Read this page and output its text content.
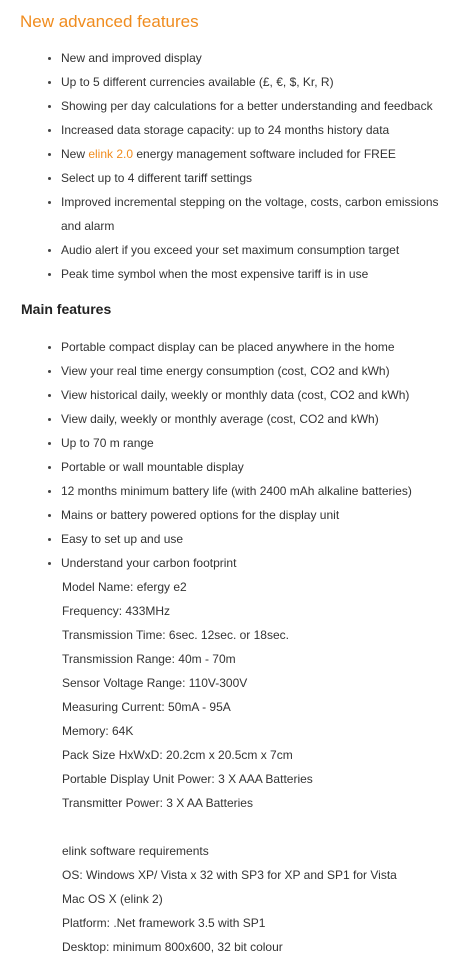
New advanced features
New and improved display
Up to 5 different currencies available (£, €, $, Kr, R)
Showing per day calculations for a better understanding and feedback
Increased data storage capacity: up to 24 months history data
New elink 2.0 energy management software included for FREE
Select up to 4 different tariff settings
Improved incremental stepping on the voltage, costs, carbon emissions
and alarm
Audio alert if you exceed your set maximum consumption target
Peak time symbol when the most expensive tariff is in use
Main features
Portable compact display can be placed anywhere in the home
View your real time energy consumption (cost, CO2 and kWh)
View historical daily, weekly or monthly data (cost, CO2 and kWh)
View daily, weekly or monthly average (cost, CO2 and kWh)
Up to 70 m range
Portable or wall mountable display
12 months minimum battery life (with 2400 mAh alkaline batteries)
Mains or battery powered options for the display unit
Easy to set up and use
Understand your carbon footprint
Model Name: efergy e2
Frequency: 433MHz
Transmission Time: 6sec. 12sec. or 18sec.
Transmission Range: 40m - 70m
Sensor Voltage Range: 110V-300V
Measuring Current: 50mA - 95A
Memory: 64K
Pack Size HxWxD: 20.2cm x 20.5cm x 7cm
Portable Display Unit Power: 3 X AAA Batteries
Transmitter Power: 3 X AA Batteries
elink software requirements
OS: Windows XP/ Vista x 32 with SP3 for XP and SP1 for Vista
Mac OS X (elink 2)
Platform: .Net framework 3.5 with SP1
Desktop: minimum 800x600, 32 bit colour
